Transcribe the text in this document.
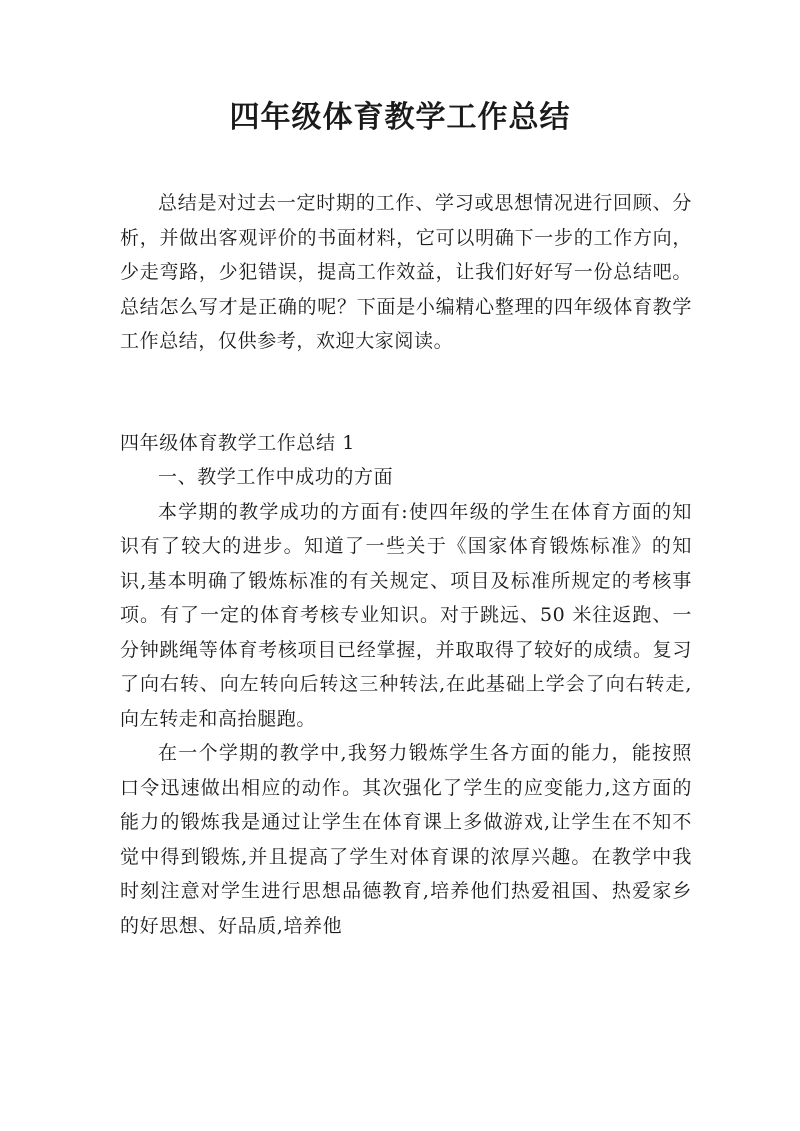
四年级体育教学工作总结

总结是对过去一定时期的工作、学习或思想情况进行回顾、分析，并做出客观评价的书面材料，它可以明确下一步的工作方向，少走弯路，少犯错误，提高工作效益，让我们好好写一份总结吧。总结怎么写才是正确的呢？下面是小编精心整理的四年级体育教学工作总结，仅供参考，欢迎大家阅读。

四年级体育教学工作总结 1

一、教学工作中成功的方面

本学期的教学成功的方面有:使四年级的学生在体育方面的知识有了较大的进步。知道了一些关于《国家体育锻炼标准》的知识,基本明确了锻炼标准的有关规定、项目及标准所规定的考核事项。有了一定的体育考核专业知识。对于跳远、50 米往返跑、一分钟跳绳等体育考核项目已经掌握，并取取得了较好的成绩。复习了向右转、向左转向后转这三种转法,在此基础上学会了向右转走,向左转走和高抬腿跑。

在一个学期的教学中,我努力锻炼学生各方面的能力，能按照口令迅速做出相应的动作。其次强化了学生的应变能力,这方面的能力的锻炼我是通过让学生在体育课上多做游戏,让学生在不知不觉中得到锻炼,并且提高了学生对体育课的浓厚兴趣。在教学中我时刻注意对学生进行思想品德教育,培养他们热爱祖国、热爱家乡的好思想、好品质,培养他
